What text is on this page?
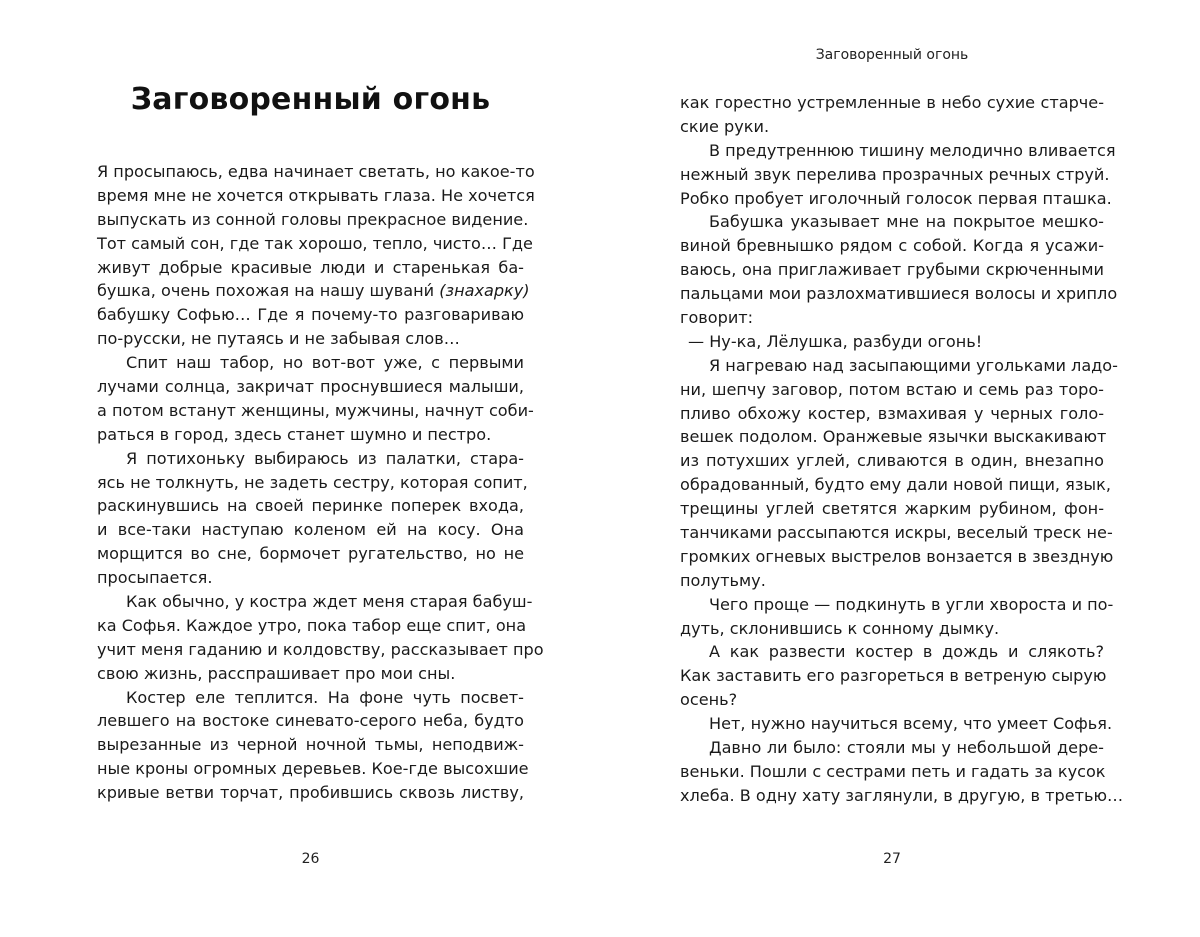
Заговоренный огонь
Я просыпаюсь, едва начинает светать, но какое-то
время мне не хочется открывать глаза. Не хочется
выпускать из сонной головы прекрасное видение.
Тот самый сон, где так хорошо, тепло, чисто… Где
живут добрые красивые люди и старенькая ба-
бушка, очень похожая на нашу шувани́ (знахарку)
бабушку Софью… Где я почему-то разговариваю
по-русски, не путаясь и не забывая слов…
Спит наш табор, но вот-вот уже, с первыми
лучами солнца, закричат проснувшиеся малыши,
а потом встанут женщины, мужчины, начнут соби-
раться в город, здесь станет шумно и пестро.
Я потихоньку выбираюсь из палатки, стара-
ясь не толкнуть, не задеть сестру, которая сопит,
раскинувшись на своей перинке поперек входа,
и все-таки наступаю коленом ей на косу. Она
морщится во сне, бормочет ругательство, но не
просыпается.
Как обычно, у костра ждет меня старая бабуш-
ка Софья. Каждое утро, пока табор еще спит, она
учит меня гаданию и колдовству, рассказывает про
свою жизнь, расспрашивает про мои сны.
Костер еле теплится. На фоне чуть посвет-
левшего на востоке синевато-серого неба, будто
вырезанные из черной ночной тьмы, неподвиж-
ные кроны огромных деревьев. Кое-где высохшие
кривые ветви торчат, пробившись сквозь листву,
26
Заговоренный огонь
как горестно устремленные в небо сухие старче-
ские руки.
В предутреннюю тишину мелодично вливается
нежный звук перелива прозрачных речных струй.
Робко пробует иголочный голосок первая пташка.
Бабушка указывает мне на покрытое мешко-
виной бревнышко рядом с собой. Когда я усажи-
ваюсь, она приглаживает грубыми скрюченными
пальцами мои разлохматившиеся волосы и хрипло
говорит:
— Ну-ка, Лёлушка, разбуди огонь!
Я нагреваю над засыпающими угольками ладо-
ни, шепчу заговор, потом встаю и семь раз торо-
пливо обхожу костер, взмахивая у черных голо-
вешек подолом. Оранжевые язычки выскакивают
из потухших углей, сливаются в один, внезапно
обрадованный, будто ему дали новой пищи, язык,
трещины углей светятся жарким рубином, фон-
танчиками рассыпаются искры, веселый треск не-
громких огневых выстрелов вонзается в звездную
полутьму.
Чего проще — подкинуть в угли хвороста и по-
дуть, склонившись к сонному дымку.
А как развести костер в дождь и слякоть?
Как заставить его разгореться в ветреную сырую
осень?
Нет, нужно научиться всему, что умеет Софья.
Давно ли было: стояли мы у небольшой дере-
веньки. Пошли с сестрами петь и гадать за кусок
хлеба. В одну хату заглянули, в другую, в третью…
27
